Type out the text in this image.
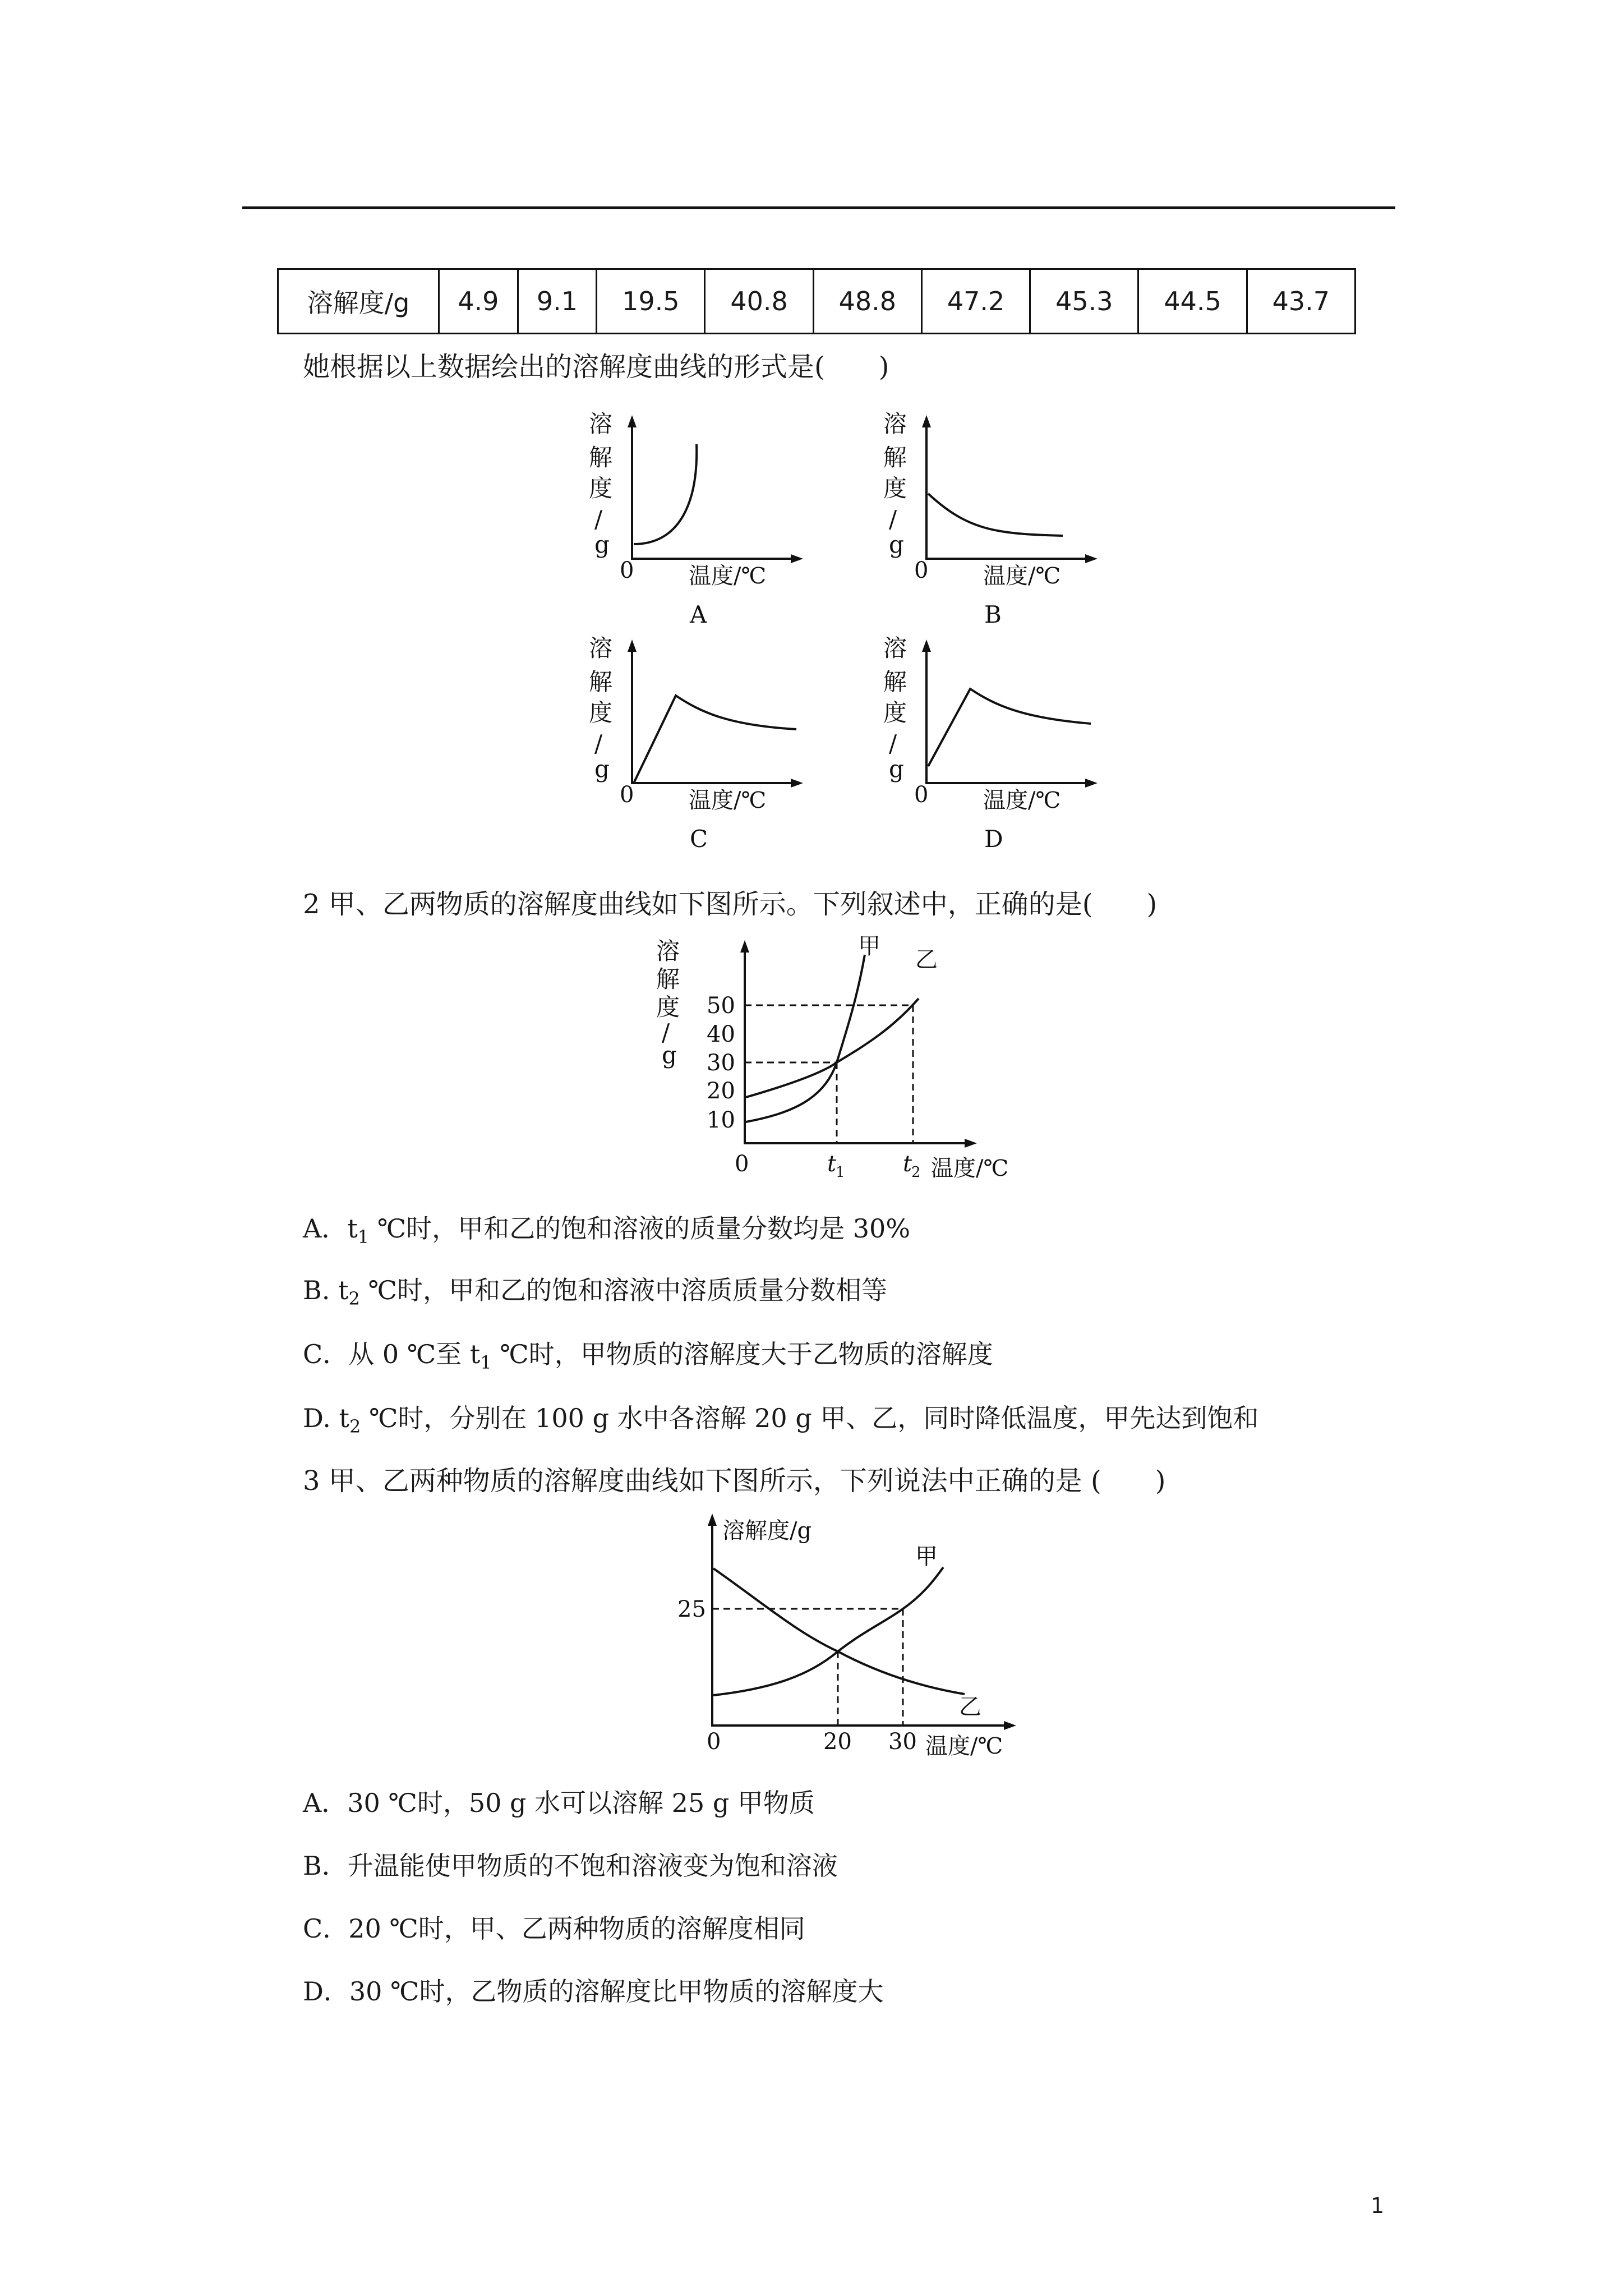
溶解度/g	4.9	9.1	19.5	40.8	48.8	47.2	45.3	44.5	43.7
她根据以上数据绘出的溶解度曲线的形式是(　　)
溶
解
度
/
g
0 温度/℃
A
溶
解
度
/
g
0 温度/℃
B
溶
解
度
/
g
0 温度/℃
C
溶
解
度
/
g
0 温度/℃
D
2 甲、乙两物质的溶解度曲线如下图所示。下列叙述中，正确的是(　　)
溶
解
度
/
g
10
20
30
40
50
甲
乙
0	t
1	t
2 温度/℃
A．$t_1$ ℃时，甲和乙的饱和溶液的质量分数均是 30%
B. $t_2$ ℃时，甲和乙的饱和溶液中溶质质量分数相等
C．从 0 ℃至 $t_1$ ℃时，甲物质的溶解度大于乙物质的溶解度
D. $t_2$ ℃时，分别在 100 g 水中各溶解 20 g 甲、乙，同时降低温度，甲先达到饱和
3 甲、乙两种物质的溶解度曲线如下图所示，下列说法中正确的是 (　　)
溶解度/g
25
甲
乙
0	20 30 温度/℃
A．30 ℃时，50 g 水可以溶解 25 g 甲物质
B．升温能使甲物质的不饱和溶液变为饱和溶液
C．20 ℃时，甲、乙两种物质的溶解度相同
D．30 ℃时，乙物质的溶解度比甲物质的溶解度大
1
